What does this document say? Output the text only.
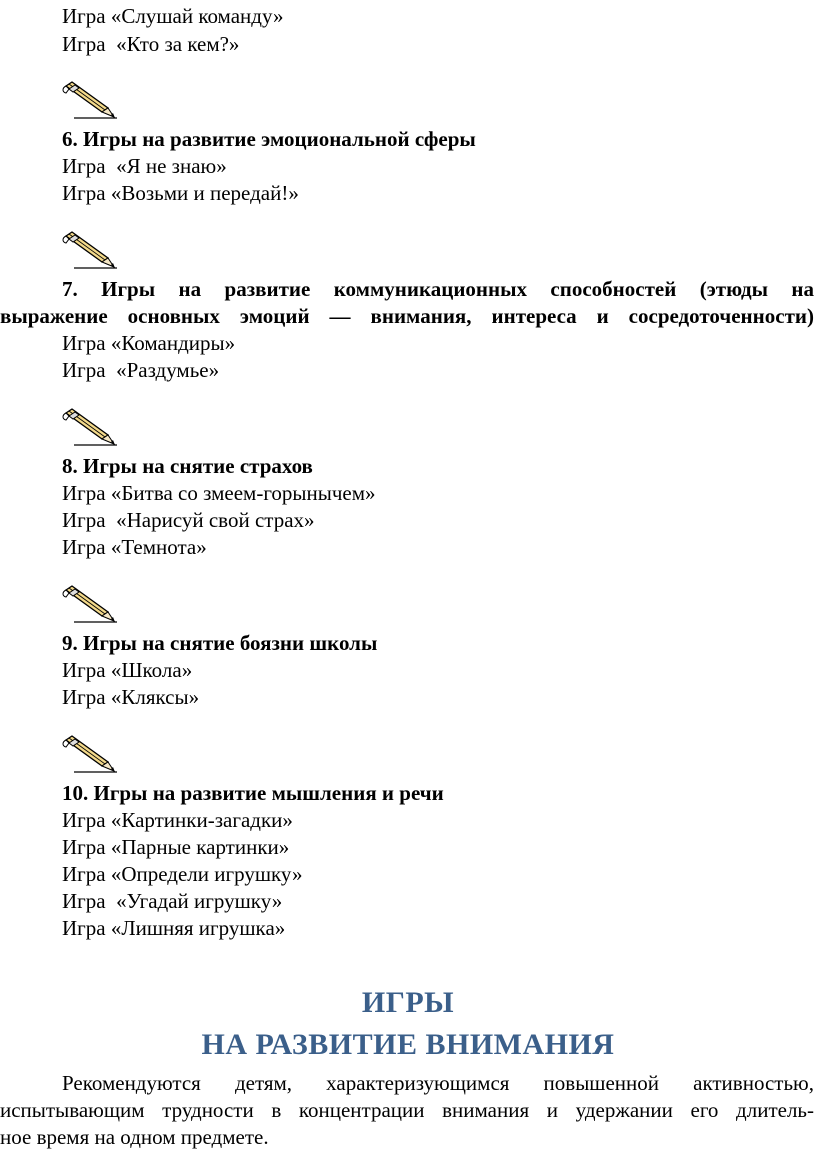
Игра «Слушай команду»
Игра  «Кто за кем?»
6. Игры на развитие эмоциональной сферы
Игра  «Я не знаю»
Игра «Возьми и передай!»
7. Игры на развитие коммуникационных способностей (этюды на
выражение основных эмоций — внимания, интереса и сосредоточенности)
Игра «Командиры»
Игра  «Раздумье»
8. Игры на снятие страхов
Игра «Битва со змеем-горынычем»
Игра  «Нарисуй свой страх»
Игра «Темнота»
9. Игры на снятие боязни школы
Игра «Школа»
Игра «Кляксы»
10. Игры на развитие мышления и речи
Игра «Картинки-загадки»
Игра «Парные картинки»
Игра «Определи игрушку»
Игра  «Угадай игрушку»
Игра «Лишняя игрушка»
ИГРЫ
НА РАЗВИТИЕ ВНИМАНИЯ
Рекомендуются детям, характеризующимся повышенной активностью,
испытывающим трудности в концентрации внимания и удержании его длитель-
ное время на одном предмете.
